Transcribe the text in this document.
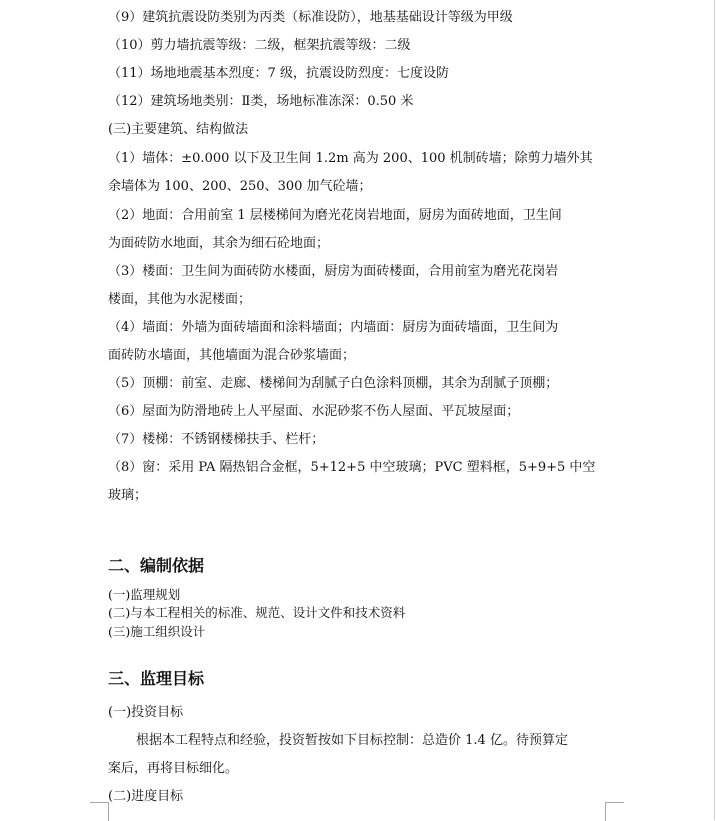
（9）建筑抗震设防类别为丙类（标准设防），地基基础设计等级为甲级
（10）剪力墙抗震等级：二级，框架抗震等级：二级
（11）场地地震基本烈度：7 级，抗震设防烈度：七度设防
（12）建筑场地类别：Ⅱ类，场地标准冻深：0.50 米
(三)主要建筑、结构做法
（1）墙体：±0.000 以下及卫生间 1.2m 高为 200、100 机制砖墙；除剪力墙外其
余墙体为 100、200、250、300 加气砼墙；
（2）地面：合用前室 1 层楼梯间为磨光花岗岩地面，厨房为面砖地面，卫生间
为面砖防水地面，其余为细石砼地面；
（3）楼面：卫生间为面砖防水楼面，厨房为面砖楼面，合用前室为磨光花岗岩
楼面，其他为水泥楼面；
（4）墙面：外墙为面砖墙面和涂料墙面；内墙面：厨房为面砖墙面，卫生间为
面砖防水墙面，其他墙面为混合砂浆墙面；
（5）顶棚：前室、走廊、楼梯间为刮腻子白色涂料顶棚，其余为刮腻子顶棚；
（6）屋面为防滑地砖上人平屋面、水泥砂浆不伤人屋面、平瓦坡屋面；
（7）楼梯：不锈钢楼梯扶手、栏杆；
（8）窗：采用 PA 隔热铝合金框，5+12+5 中空玻璃；PVC 塑料框，5+9+5 中空
玻璃；
二、编制依据
(一)监理规划
(二)与本工程相关的标准、规范、设计文件和技术资料
(三)施工组织设计
三、监理目标
(一)投资目标
根据本工程特点和经验，投资暂按如下目标控制：总造价 1.4 亿。待预算定
案后，再将目标细化。
(二)进度目标
